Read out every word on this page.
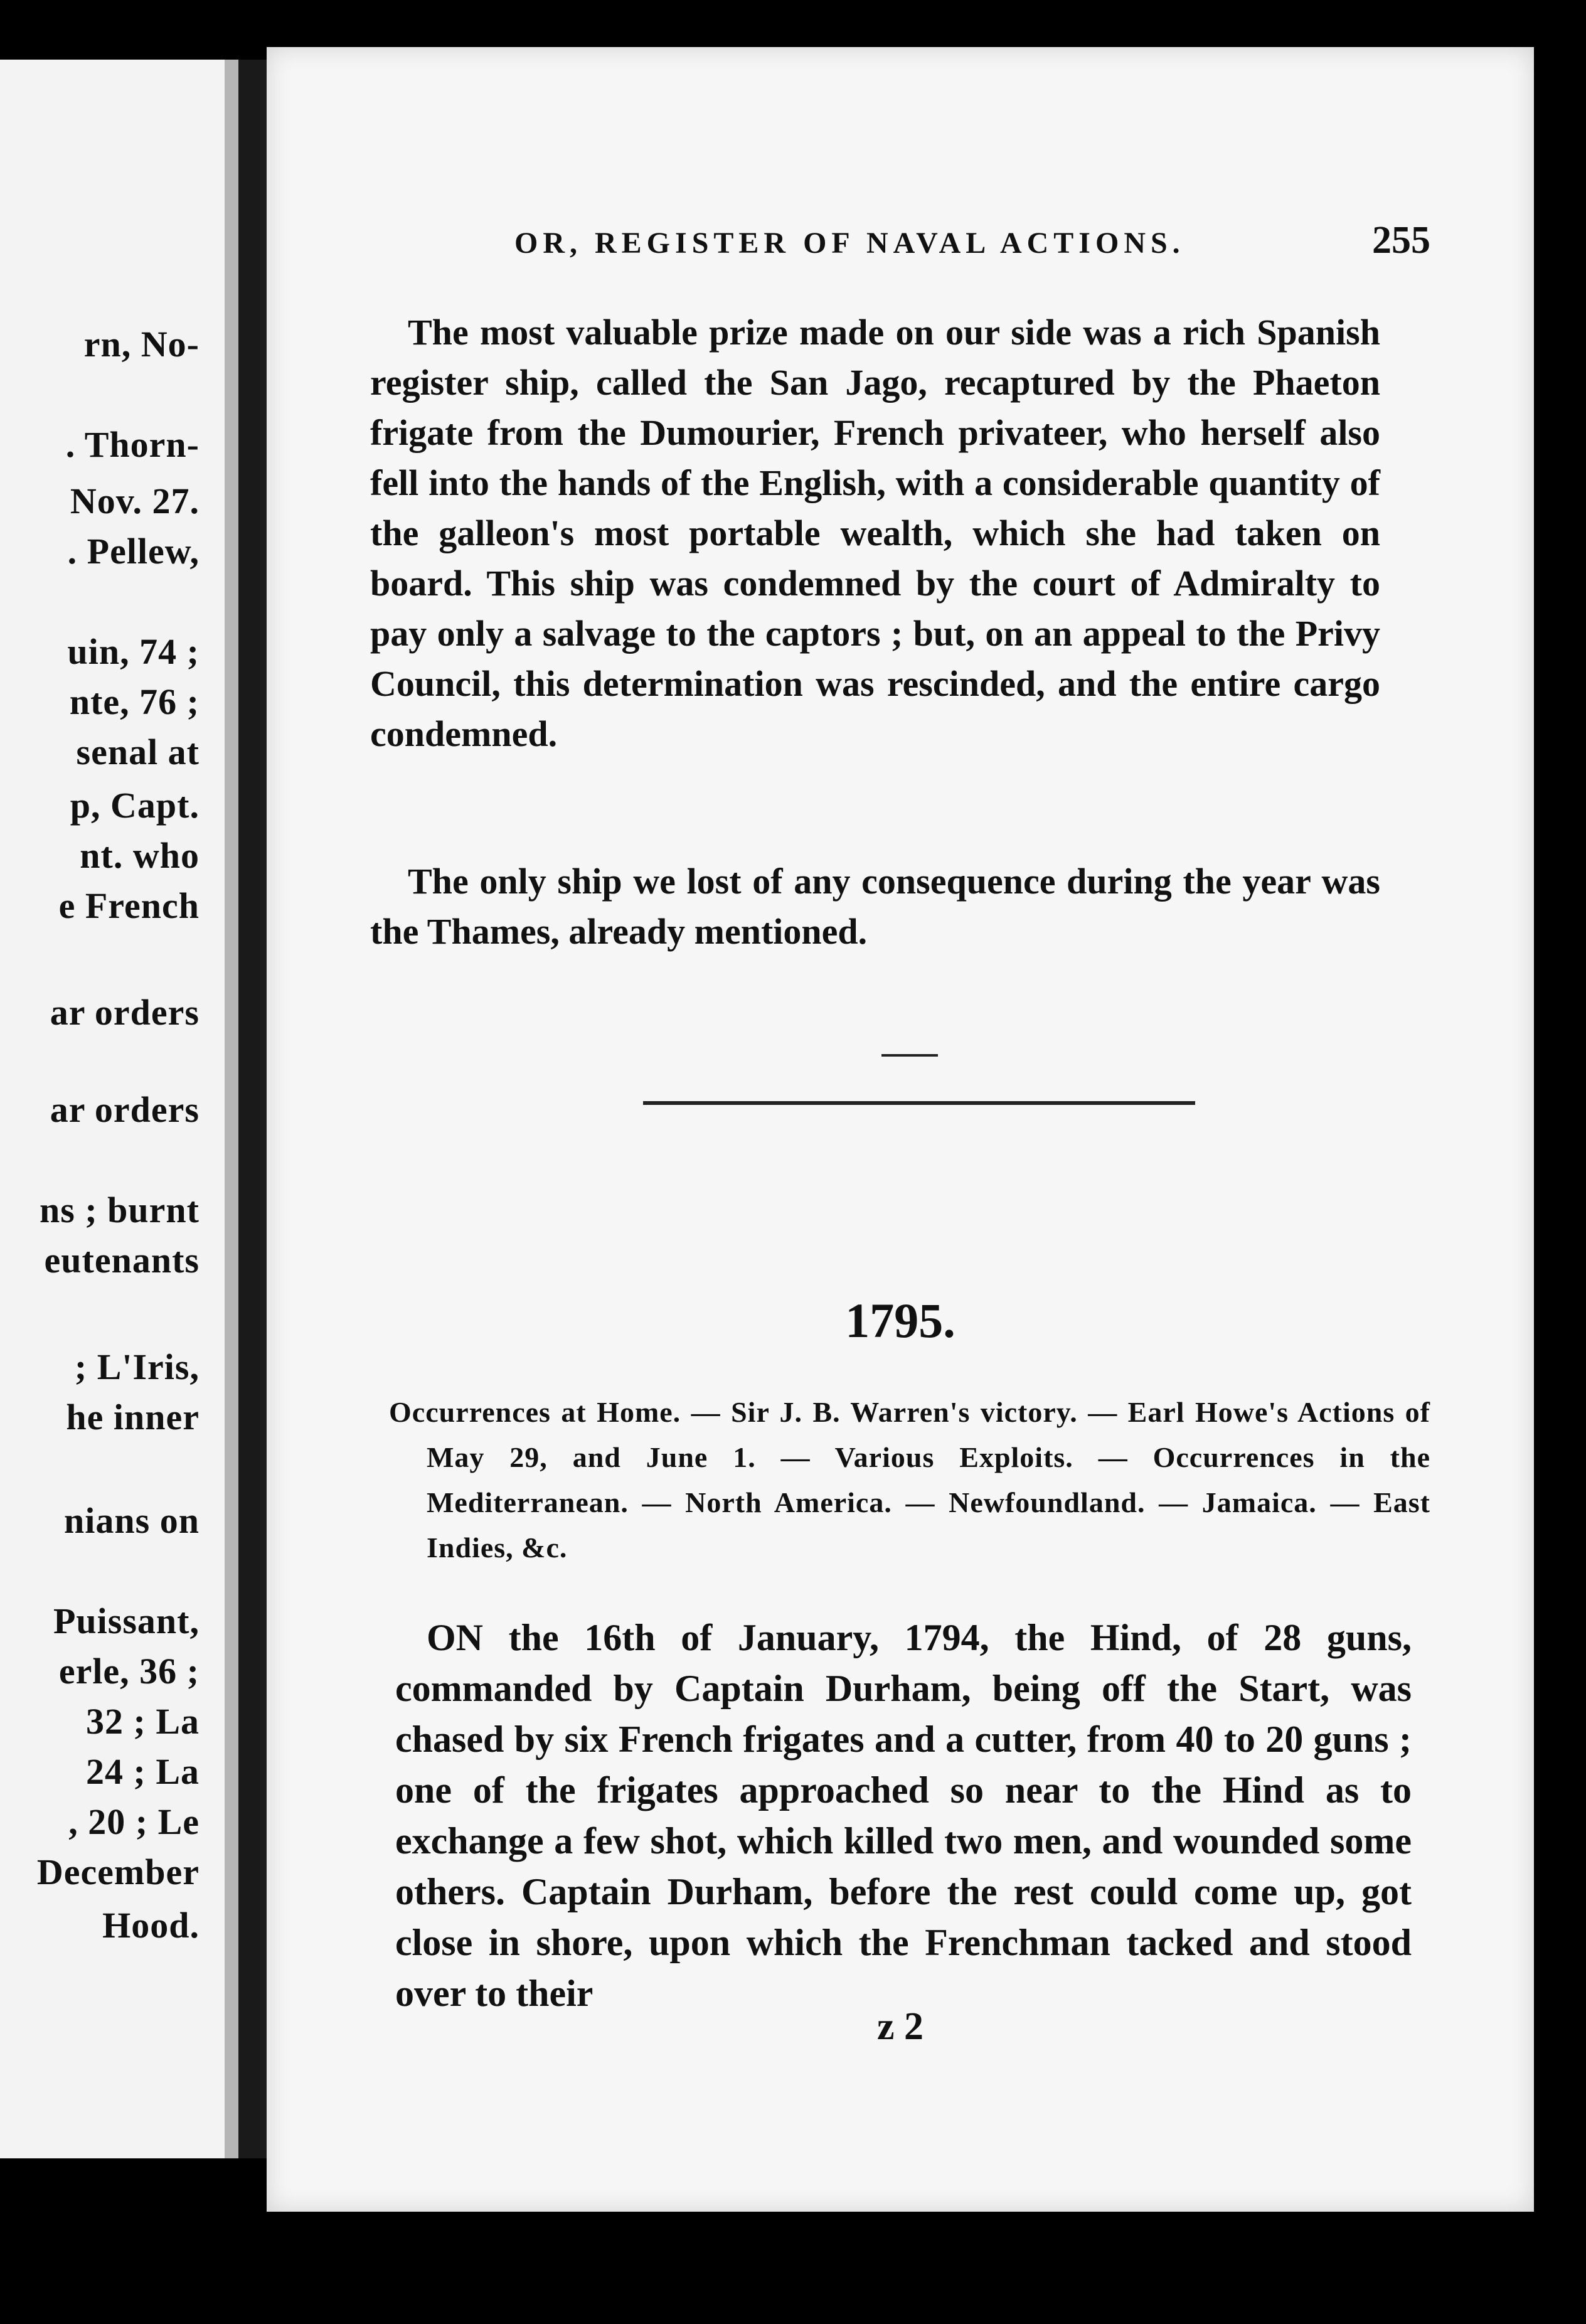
rn, No-
. Thorn-
Nov. 27.
. Pellew,
uin, 74 ;
nte, 76 ;
senal at
p, Capt.
nt. who
e French
ar orders
ar orders
ns ; burnt
eutenants
; L'Iris,
he inner
nians on
Puissant,
erle, 36 ;
32 ; La
24 ; La
, 20 ; Le
December
Hood.
OR, REGISTER OF NAVAL ACTIONS.	255
The most valuable prize made on our side was a rich Spanish register ship, called the San Jago, recaptured by the Phaeton frigate from the Dumourier, French privateer, who herself also fell into the hands of the English, with a considerable quantity of the galleon's most portable wealth, which she had taken on board. This ship was condemned by the court of Admiralty to pay only a salvage to the captors ; but, on an appeal to the Privy Council, this determination was rescinded, and the entire cargo condemned.
The only ship we lost of any consequence during the year was the Thames, already mentioned.
1795.
Occurrences at Home. — Sir J. B. Warren's victory. — Earl Howe's Actions of May 29, and June 1. — Various Exploits. — Occurrences in the Mediterranean. — North America. — Newfoundland. — Jamaica. — East Indies, &c.
ON the 16th of January, 1794, the Hind, of 28 guns, commanded by Captain Durham, being off the Start, was chased by six French frigates and a cutter, from 40 to 20 guns ; one of the frigates approached so near to the Hind as to exchange a few shot, which killed two men, and wounded some others. Captain Durham, before the rest could come up, got close in shore, upon which the Frenchman tacked and stood over to their
z 2
